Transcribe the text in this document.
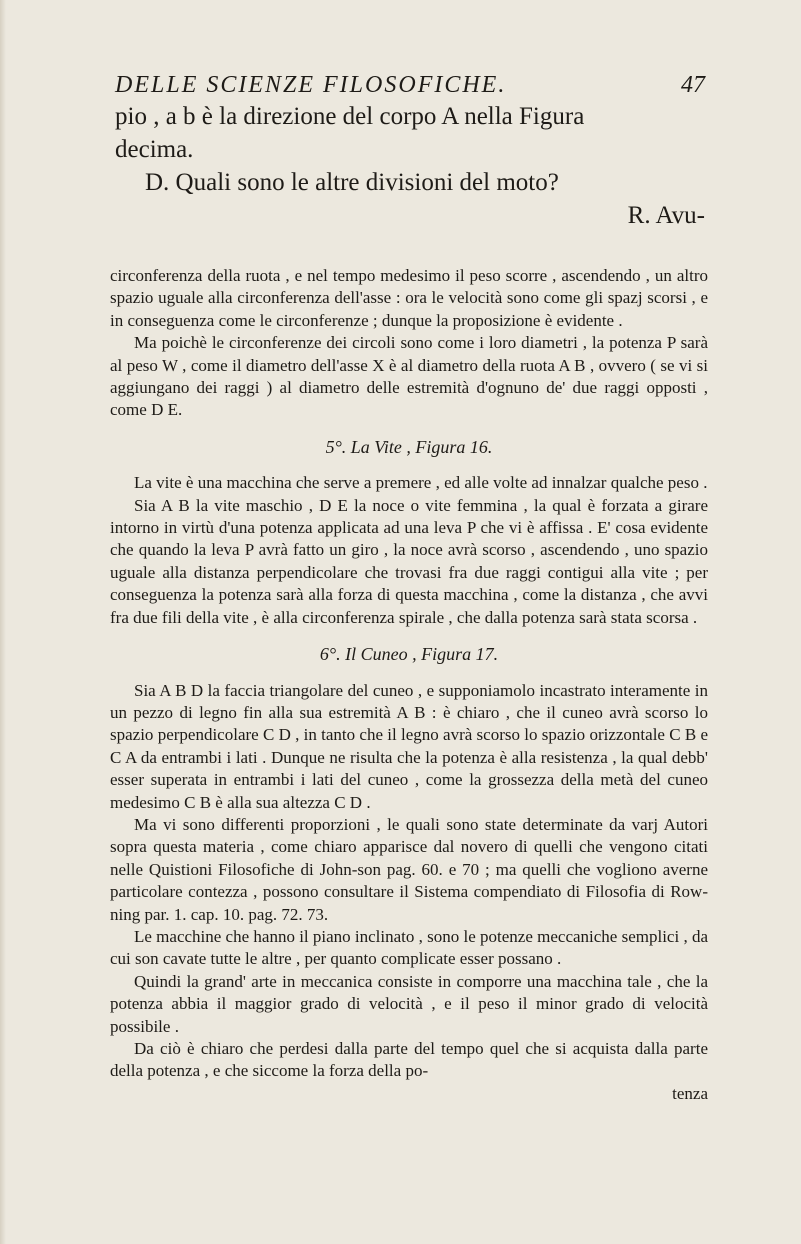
DELLE SCIENZE FILOSOFICHE.	47

pio , a b è la direzione del corpo A nella Figura

decima.

D. Quali sono le altre divisioni del moto?

R. Avu-

circonferenza della ruota , e nel tempo medesimo il peso scorre , ascendendo , un altro spazio uguale alla circonferenza dell'asse : ora le velocità sono come gli spazj scorsi , e in conseguenza come le circonferenze ; dunque la proposizione è evidente .

Ma poichè le circonferenze dei circoli sono come i loro diametri , la potenza P sarà al peso W , come il diametro dell'asse X è al diametro della ruota A B , ovvero ( se vi si aggiungano dei raggi ) al diametro delle estremità d'ognuno de' due raggi opposti , come D E.

5°. La Vite , Figura 16.

La vite è una macchina che serve a premere , ed alle volte ad innalzar qualche peso .

Sia A B la vite maschio , D E la noce o vite femmina , la qual è forzata a girare intorno in virtù d'una potenza applicata ad una leva P che vi è affissa . E' cosa evidente che quando la leva P avrà fatto un giro , la noce avrà scorso , ascendendo , uno spazio uguale alla distanza perpendicolare che trovasi fra due raggi contigui alla vite ; per conseguenza la potenza sarà alla forza di questa macchina , come la distanza , che avvi fra due fili della vite , è alla circonferenza spirale , che dalla potenza sarà stata scorsa .

6°. Il Cuneo , Figura 17.

Sia A B D la faccia triangolare del cuneo , e supponiamolo incastrato interamente in un pezzo di legno fin alla sua estremità A B : è chiaro , che il cuneo avrà scorso lo spazio perpendicolare C D , in tanto che il legno avrà scorso lo spazio orizzontale C B e C A da entrambi i lati . Dunque ne risulta che la potenza è alla resistenza , la qual debb' esser superata in entrambi i lati del cuneo , come la grossezza della metà del cuneo medesimo C B è alla sua altezza C D .

Ma vi sono differenti proporzioni , le quali sono state determinate da varj Autori sopra questa materia , come chiaro apparisce dal novero di quelli che vengono citati nelle Quistioni Filosofiche di John-son pag. 60. e 70 ; ma quelli che vogliono averne particolare contezza , possono consultare il Sistema compendiato di Filosofia di Row-ning par. 1. cap. 10. pag. 72. 73.

Le macchine che hanno il piano inclinato , sono le potenze meccaniche semplici , da cui son cavate tutte le altre , per quanto complicate esser possano .

Quindi la grand' arte in meccanica consiste in comporre una macchina tale , che la potenza abbia il maggior grado di velocità , e il peso il minor grado di velocità possibile .

Da ciò è chiaro che perdesi dalla parte del tempo quel che si acquista dalla parte della potenza , e che siccome la forza della po-

tenza
